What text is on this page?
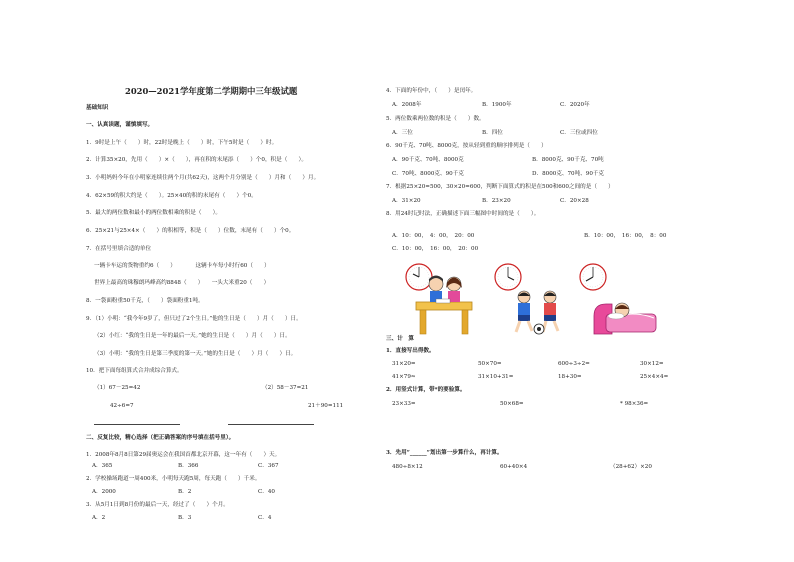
2020—2021学年度第二学期期中三年级试题
基础知识
一、认真读题，谨慎填写。
1．9时是上午（　　）时，22时是晚上（　　）时，下午5时是（　　）时。
2．计算35×20，先用（　　）×（　　），再在积的末尾添（　　）个0，积是（　　）。
3．小明妈妈今年在小明家连续住两个月(共62天)，这两个月分别是（　　）月和（　　）月。
4．62×59的积大约是（　　）。25×40的积的末尾有（　　）个0。
5．最大的两位数和最小的两位数相乘的积是（　　）。
6．25×21与25×4×（　　）的积相等，积是（　　）位数，末尾有（　　）个0。
7．在括号里填合适的单位
一辆卡车运的货物重约6（　　）　　　　这辆卡车每小时行60（　　）
世界上最高的珠穆朗玛峰高约8848（　　）　　一头大米重20（　　）
8．一袋面粉重50千克，（　　）袋面粉重1吨。
9．（1）小明：“我今年9岁了，但只过了2个生日。”他的生日是（　　）月（　　）日。
（2）小红：“我的生日是一年的最后一天。”她的生日是（　　）月（　　）日。
（3）小明：“我的生日是第三季度的第一天。”她的生日是（　　）月（　　）日。
10．把下面每组算式合并成综合算式。
（1）67－25=42	（2）58－37=21
42÷6=7	21＋90=111
二、反复比较，精心选择（把正确答案的序号填在括号里）。
1．2008年8月8日第29届奥运会在我国首都北京开幕，这一年有（　　）天。
A．365	B．366	C．367
2．学校操场跑道一周400米，小明每天跑5周，每天跑（　　）千米。
A．2000	B．2	C．40
3．从5月1日到8月份的最后一天，经过了（　　）个月。
A．2	B．3	C．4
4．下面的年份中，（　　）是闰年。
A．2008年	B．1900年	C．2020年
5．两位数乘两位数的积是（　　）数。
A．三位	B．四位	C．三位或四位
6．90千克、70吨、8000克，按从轻到重的顺序排列是（　　）
A．90千克、70吨、8000克	B．8000克、90千克、70吨
C．70吨、8000克、90千克	D．8000克、70吨、90千克
7．根据25×20=500，30×20=600，判断下面算式的积是在500和600之间的是（　　）
A．31×20	B．23×20	C．20×28
8．用24时记时法，正确描述下面三幅图中时间的是（　　）。
A．10：00，　4：00，　20：00	B．10：00，　16：00，　8：00
C．10：00，　16：00，　20：00
三、计　算
1．直接写出得数。
31×20=	50×70=	600÷3÷2=	30×12=
41×79≈	31×10+31=	18+30=	25×4×4=
2．用竖式计算，带*的要验算。
23×33=	50×68=	* 98×36=
3．先用“______”划出第一步算什么，再计算。
480÷8×12	60+40×4	（28+62）×20
